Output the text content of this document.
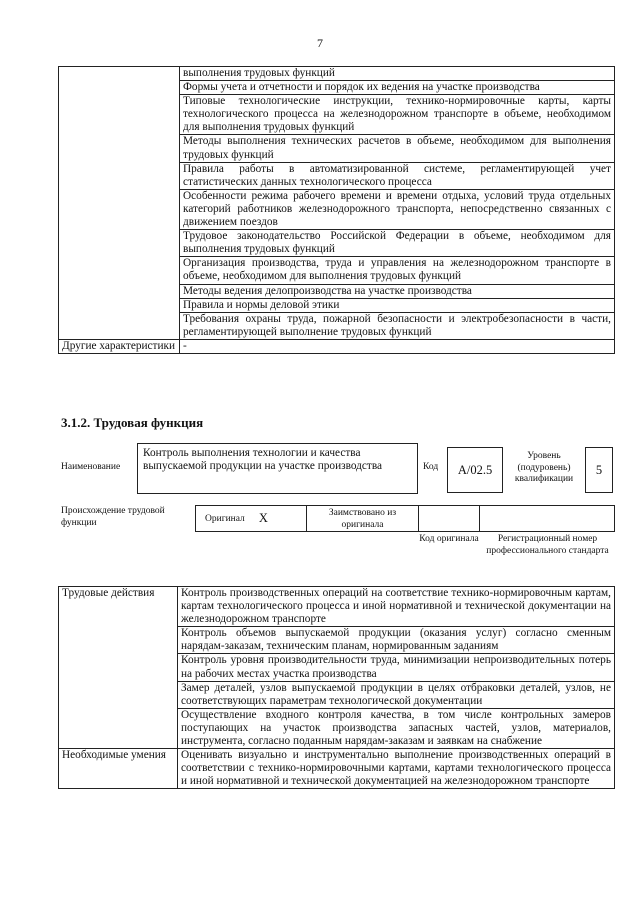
7
	выполнения трудовых функций
	Формы учета и отчетности и порядок их ведения на участке производства
	Типовые технологические инструкции, технико-нормировочные карты, карты технологического процесса на железнодорожном транспорте в объеме, необходимом для выполнения трудовых функций
	Методы выполнения технических расчетов в объеме, необходимом для выполнения трудовых функций
	Правила работы в автоматизированной системе, регламентирующей учет статистических данных технологического процесса
	Особенности режима рабочего времени и времени отдыха, условий труда отдельных категорий работников железнодорожного транспорта, непосредственно связанных с движением поездов
	Трудовое законодательство Российской Федерации в объеме, необходимом для выполнения трудовых функций
	Организация производства, труда и управления на железнодорожном транспорте в объеме, необходимом для выполнения трудовых функций
	Методы ведения делопроизводства на участке производства
	Правила и нормы деловой этики
	Требования охраны труда, пожарной безопасности и электробезопасности в части, регламентирующей выполнение трудовых функций
Другие характеристики	-
3.1.2. Трудовая функция
Наименование
Контроль выполнения технологии и качества выпускаемой продукции на участке производства	Код	А/02.5
Уровень (подуровень) квалификации
5
Происхождение трудовой функции	Оригинал Х	Заимствовано из оригинала
Код оригинала	Регистрационный номер профессионального стандарта
Трудовые действия	Контроль производственных операций на соответствие технико-нормировочным картам, картам технологического процесса и иной нормативной и технической документации на железнодорожном транспорте
	Контроль объемов выпускаемой продукции (оказания услуг) согласно сменным нарядам-заказам, техническим планам, нормированным заданиям
	Контроль уровня производительности труда, минимизации непроизводительных потерь на рабочих местах участка производства
	Замер деталей, узлов выпускаемой продукции в целях отбраковки деталей, узлов, не соответствующих параметрам технологической документации
	Осуществление входного контроля качества, в том числе контрольных замеров поступающих на участок производства запасных частей, узлов, материалов, инструмента, согласно поданным нарядам-заказам и заявкам на снабжение
Необходимые умения	Оценивать визуально и инструментально выполнение производственных операций в соответствии с технико-нормировочными картами, картами технологического процесса и иной нормативной и технической документацией на железнодорожном транспорте
